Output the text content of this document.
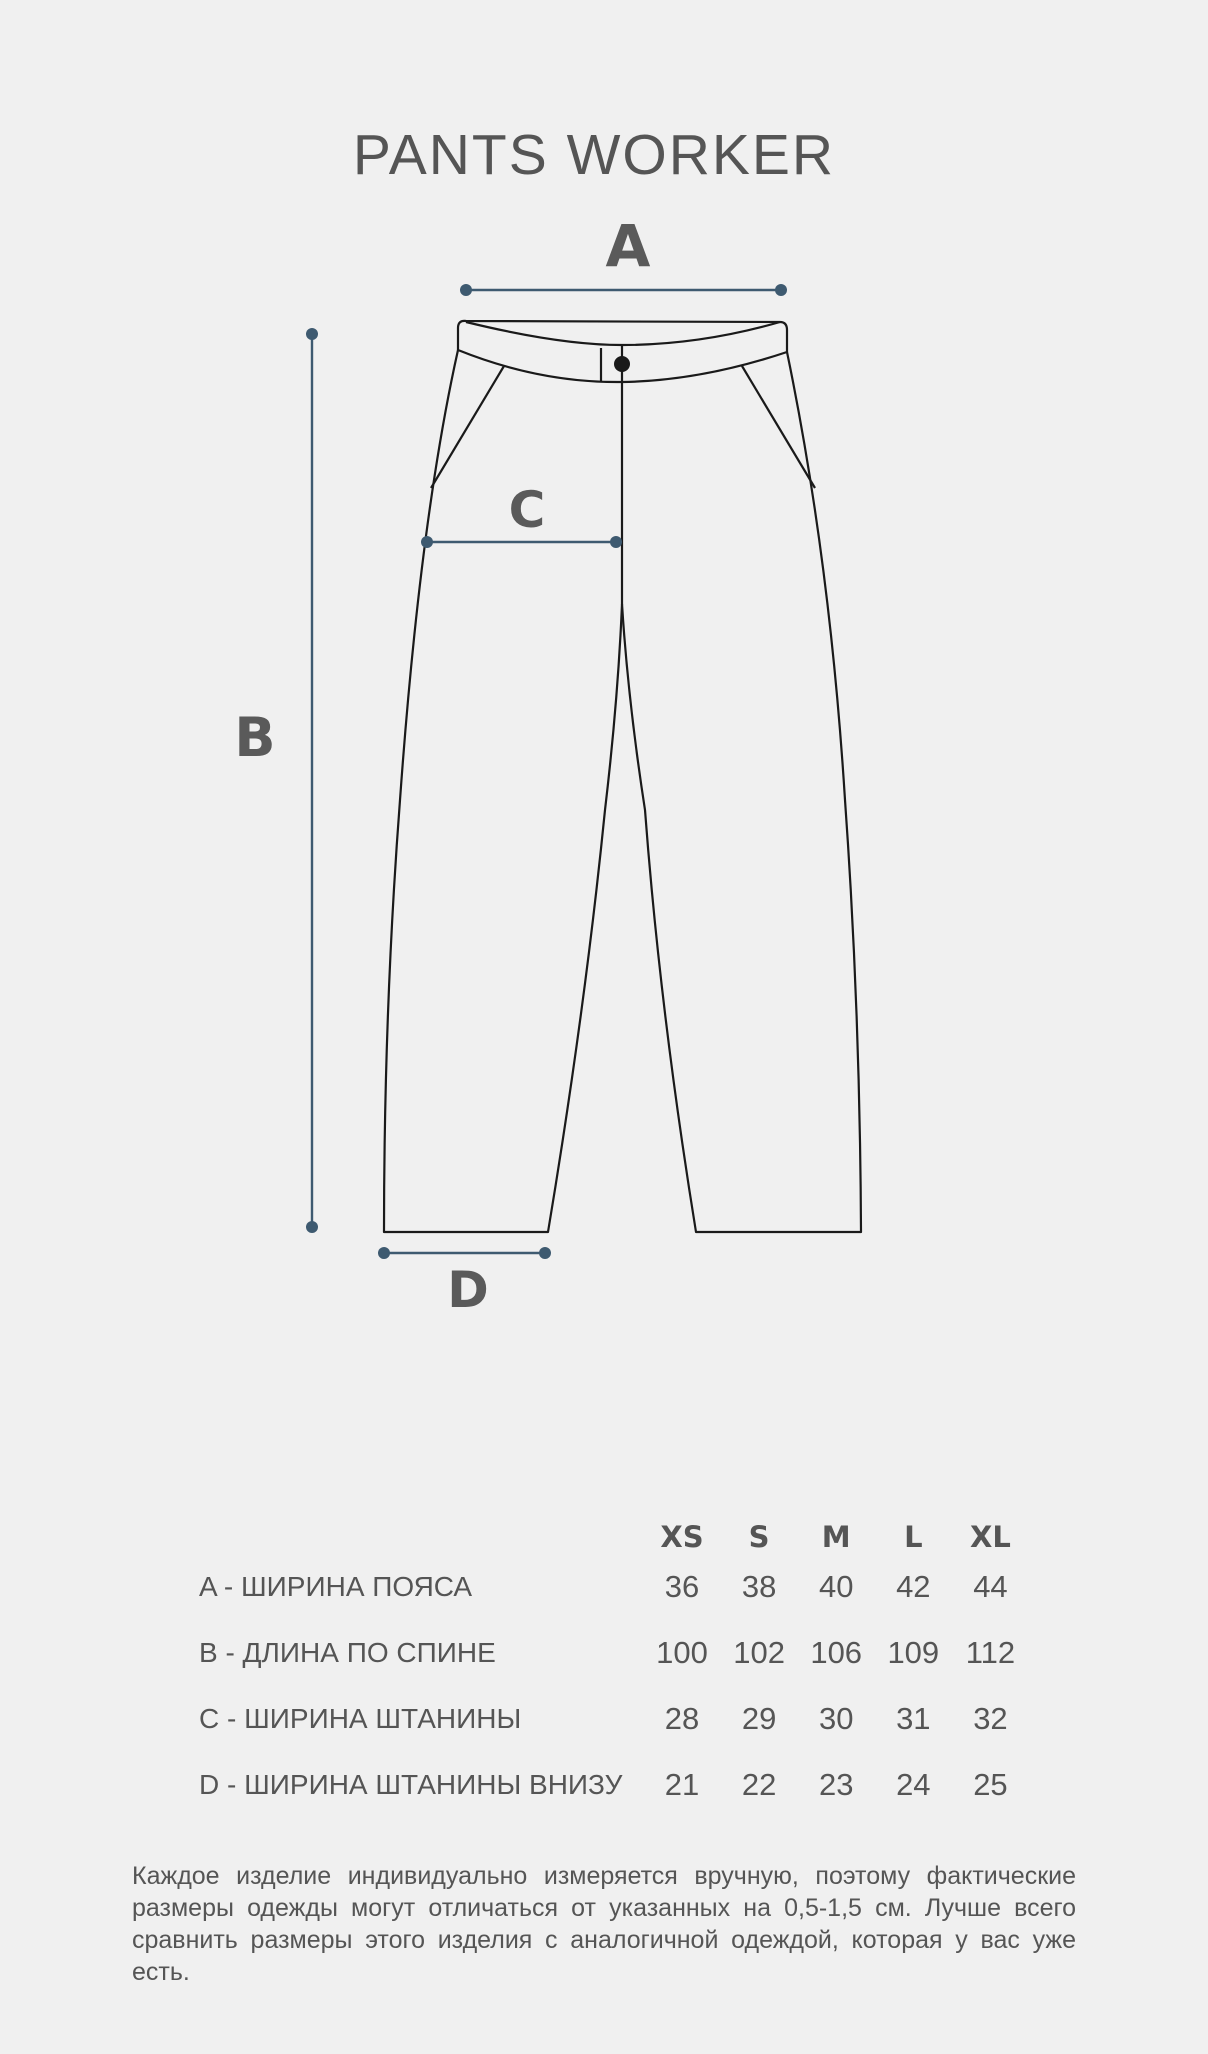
PANTS WORKER
A
B
C
D
	XS	S	M	L	XL
A - ШИРИНА ПОЯСА	36	38	40	42	44
B - ДЛИНА ПО СПИНЕ	100	102	106	109	112
C - ШИРИНА ШТАНИНЫ	28	29	30	31	32
D - ШИРИНА ШТАНИНЫ ВНИЗУ	21	22	23	24	25
Каждое изделие индивидуально измеряется вручную, поэтому фактические размеры одежды могут отличаться от указанных на 0,5-1,5 см. Лучше всего сравнить размеры этого изделия с аналогичной одеждой, которая у вас уже есть.
